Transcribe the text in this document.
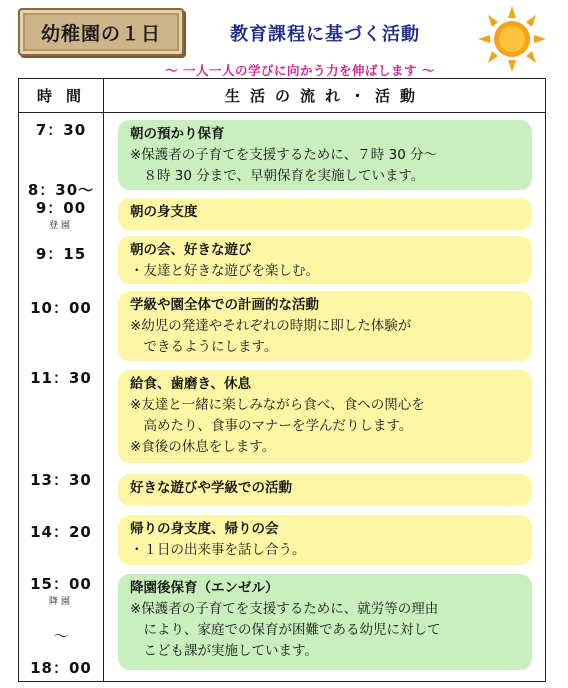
幼稚園の１日	教育課程に基づく活動
～ 一人一人の学びに向かう力を伸ばします ～
時間	生活の流れ・活動
7：30
8：30～
9：00
登園
9：15
10：00
11：30
13：30
14：20
15：00
降園
～
18：00
朝の預かり保育
※保護者の子育てを支援するために、７時 30 分～
　８時 30 分まで、早朝保育を実施しています。
朝の身支度
朝の会、好きな遊び
・友達と好きな遊びを楽しむ。
学級や園全体での計画的な活動
※幼児の発達やそれぞれの時期に即した体験が
　できるようにします。
給食、歯磨き、休息
※友達と一緒に楽しみながら食べ、食への関心を
　高めたり、食事のマナーを学んだりします。
※食後の休息をします。
好きな遊びや学級での活動
帰りの身支度、帰りの会
・１日の出来事を話し合う。
降園後保育（エンゼル）
※保護者の子育てを支援するために、就労等の理由
　により、家庭での保育が困難である幼児に対して
　こども課が実施しています。
